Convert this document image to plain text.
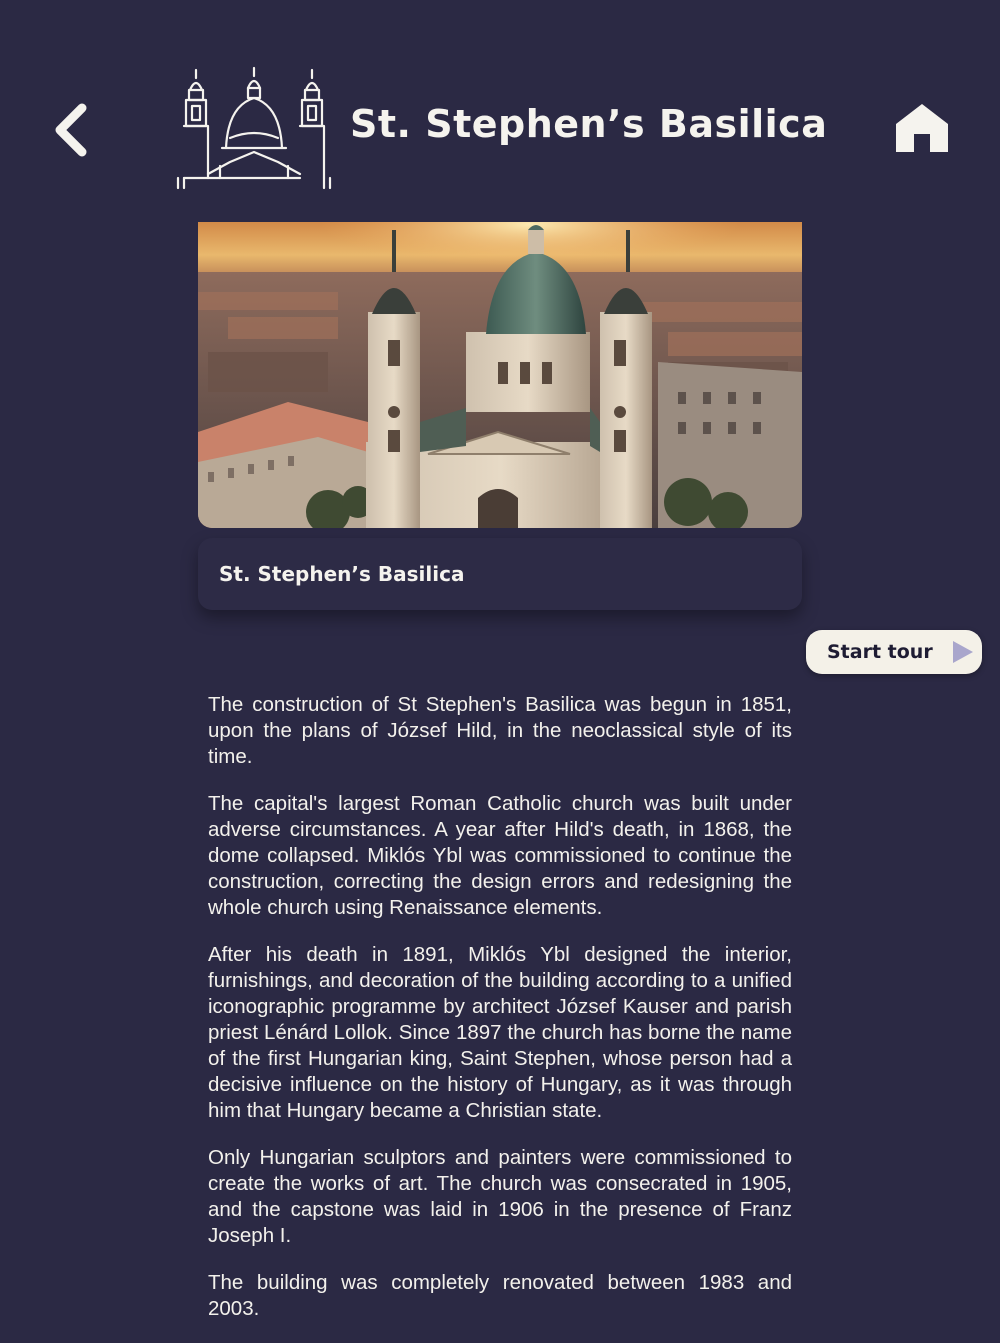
St. Stephen’s Basilica
St. Stephen’s Basilica
Start tour

The construction of St Stephen's Basilica was begun in 1851, upon the plans of József Hild, in the neoclassical style of its time.

The capital's largest Roman Catholic church was built under adverse circumstances. A year after Hild's death, in 1868, the dome collapsed. Miklós Ybl was commissioned to continue the construction, correcting the design errors and redesigning the whole church using Renaissance elements.

After his death in 1891, Miklós Ybl designed the interior, furnishings, and decoration of the building according to a unified iconographic programme by architect József Kauser and parish priest Lénárd Lollok. Since 1897 the church has borne the name of the first Hungarian king, Saint Stephen, whose person had a decisive influence on the history of Hungary, as it was through him that Hungary became a Christian state.

Only Hungarian sculptors and painters were commissioned to create the works of art. The church was consecrated in 1905, and the capstone was laid in 1906 in the presence of Franz Joseph I.

The building was completely renovated between 1983 and 2003.
